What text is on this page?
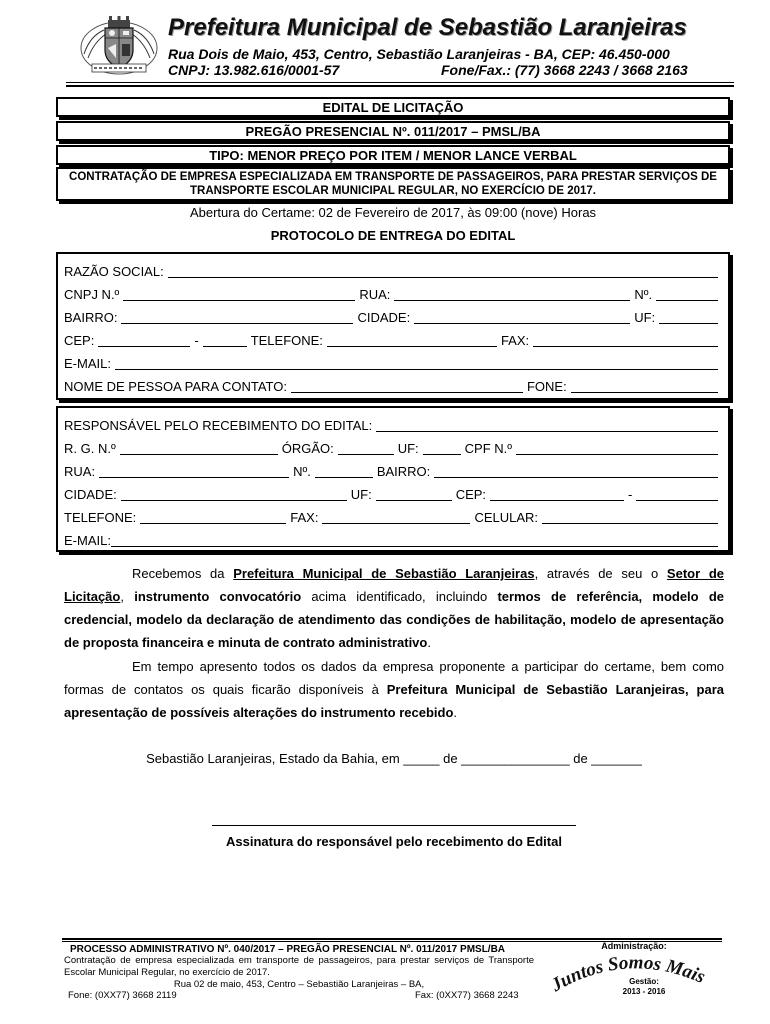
Prefeitura Municipal de Sebastião Laranjeiras
Rua Dois de Maio, 453, Centro, Sebastião Laranjeiras - BA, CEP: 46.450-000
CNPJ: 13.982.616/0001-57	Fone/Fax.: (77) 3668 2243 / 3668 2163
EDITAL DE LICITAÇÃO
PREGÃO PRESENCIAL Nº. 011/2017 – PMSL/BA
TIPO: MENOR PREÇO POR ITEM / MENOR LANCE VERBAL
CONTRATAÇÃO DE EMPRESA ESPECIALIZADA EM TRANSPORTE DE PASSAGEIROS, PARA PRESTAR SERVIÇOS DE TRANSPORTE ESCOLAR MUNICIPAL REGULAR, NO EXERCÍCIO DE 2017.
Abertura do Certame: 02 de Fevereiro de 2017, às 09:00 (nove) Horas
PROTOCOLO DE ENTREGA DO EDITAL
RAZÃO SOCIAL:
CNPJ N.º	RUA:	Nº.
BAIRRO:	CIDADE:	UF:
CEP:	-	TELEFONE:	FAX:
E-MAIL:
NOME DE PESSOA PARA CONTATO:	FONE:
RESPONSÁVEL PELO RECEBIMENTO DO EDITAL:
R. G. N.º	ÓRGÃO:	UF:	CPF N.º
RUA:	Nº.	BAIRRO:
CIDADE:	UF:	CEP:	-
TELEFONE:	FAX:	CELULAR:
E-MAIL:
Recebemos da Prefeitura Municipal de Sebastião Laranjeiras, através de seu o Setor de Licitação, instrumento convocatório acima identificado, incluindo termos de referência, modelo de credencial, modelo da declaração de atendimento das condições de habilitação, modelo de apresentação de proposta financeira e minuta de contrato administrativo.
Em tempo apresento todos os dados da empresa proponente a participar do certame, bem como formas de contatos os quais ficarão disponíveis à Prefeitura Municipal de Sebastião Laranjeiras, para apresentação de possíveis alterações do instrumento recebido.
Sebastião Laranjeiras, Estado da Bahia, em _____ de _______________ de _______
Assinatura do responsável pelo recebimento do Edital
PROCESSO ADMINISTRATIVO Nº. 040/2017 – PREGÃO PRESENCIAL Nº. 011/2017 PMSL/BA
Contratação de empresa especializada em transporte de passageiros, para prestar serviços de Transporte Escolar Municipal Regular, no exercício de 2017.
Rua 02 de maio, 453, Centro – Sebastião Laranjeiras – BA,
Fone: (0XX77) 3668 2119	Fax: (0XX77) 3668 2243
Administração:
Juntos Somos Mais
Gestão:
2013 - 2016
